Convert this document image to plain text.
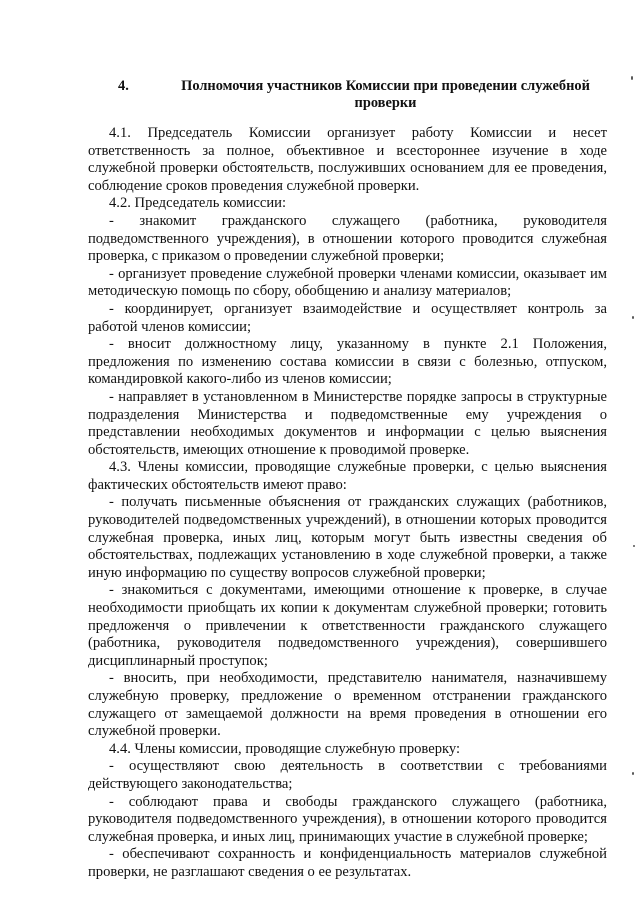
4.	Полномочия участников Комиссии при проведении служебной проверки

4.1. Председатель Комиссии организует работу Комиссии и несет ответственность за полное, объективное и всестороннее изучение в ходе служебной проверки обстоятельств, послуживших основанием для ее проведения, соблюдение сроков проведения служебной проверки.

4.2. Председатель комиссии:

- знакомит гражданского служащего (работника, руководителя подведомственного учреждения), в отношении которого проводится служебная проверка, с приказом о проведении служебной проверки;

- организует проведение служебной проверки членами комиссии, оказывает им методическую помощь по сбору, обобщению и анализу материалов;

- координирует, организует взаимодействие и осуществляет контроль за работой членов комиссии;

- вносит должностному лицу, указанному в пункте 2.1 Положения, предложения по изменению состава комиссии в связи с болезнью, отпуском, командировкой какого-либо из членов комиссии;

- направляет в установленном в Министерстве порядке запросы в структурные подразделения Министерства и подведомственные ему учреждения о представлении необходимых документов и информации с целью выяснения обстоятельств, имеющих отношение к проводимой проверке.

4.3. Члены комиссии, проводящие служебные проверки, с целью выяснения фактических обстоятельств имеют право:

- получать письменные объяснения от гражданских служащих (работников, руководителей подведомственных учреждений), в отношении которых проводится служебная проверка, иных лиц, которым могут быть известны сведения об обстоятельствах, подлежащих установлению в ходе служебной проверки, а также иную информацию по существу вопросов служебной проверки;

- знакомиться с документами, имеющими отношение к проверке, в случае необходимости приобщать их копии к документам служебной проверки; готовить предложенчя о привлечении к ответственности гражданского служащего (работника, руководителя подведомственного учреждения), совершившего дисциплинарный проступок;

- вносить, при необходимости, представителю нанимателя, назначившему служебную проверку, предложение о временном отстранении гражданского служащего от замещаемой должности на время проведения в отношении его служебной проверки.

4.4. Члены комиссии, проводящие служебную проверку:

- осуществляют свою деятельность в соответствии с требованиями действующего законодательства;

- соблюдают права и свободы гражданского служащего (работника, руководителя подведомственного учреждения), в отношении которого проводится служебная проверка, и иных лиц, принимающих участие в служебной проверке;

- обеспечивают сохранность и конфиденциальность материалов служебной проверки, не разглашают сведения о ее результатах.
